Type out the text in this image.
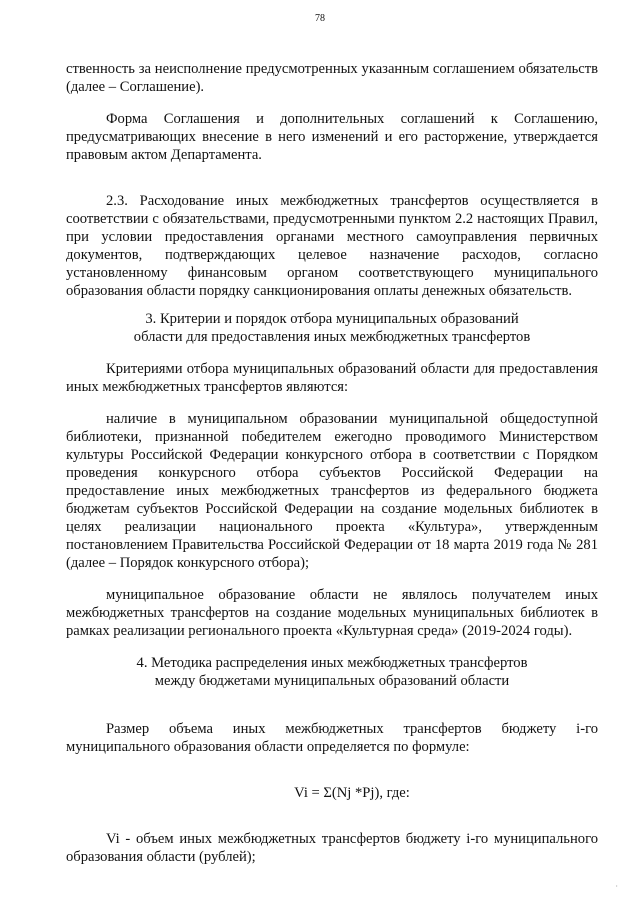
78

ственность за неисполнение предусмотренных указанным соглашением обязательств (далее – Соглашение).

Форма Соглашения и дополнительных соглашений к Соглашению, предусматривающих внесение в него изменений и его расторжение, утверждается правовым актом Департамента.

2.3. Расходование иных межбюджетных трансфертов осуществляется в соответствии с обязательствами, предусмотренными пунктом 2.2 настоящих Правил, при условии предоставления органами местного самоуправления первичных документов, подтверждающих целевое назначение расходов, согласно установленному финансовым органом соответствующего муниципального образования области порядку санкционирования оплаты денежных обязательств.

3. Критерии и порядок отбора муниципальных образований
области для предоставления иных межбюджетных трансфертов

Критериями отбора муниципальных образований области для предоставления иных межбюджетных трансфертов являются:

наличие в муниципальном образовании муниципальной общедоступной библиотеки, признанной победителем ежегодно проводимого Министерством культуры Российской Федерации конкурсного отбора в соответствии с Порядком проведения конкурсного отбора субъектов Российской Федерации на предоставление иных межбюджетных трансфертов из федерального бюджета бюджетам субъектов Российской Федерации на создание модельных библиотек в целях реализации национального проекта «Культура», утвержденным постановлением Правительства Российской Федерации от 18 марта 2019 года № 281 (далее – Порядок конкурсного отбора);

муниципальное образование области не являлось получателем иных межбюджетных трансфертов на создание модельных муниципальных библиотек в рамках реализации регионального проекта «Культурная среда» (2019-2024 годы).

4. Методика распределения иных межбюджетных трансфертов
между бюджетами муниципальных образований области

Размер объема иных межбюджетных трансфертов бюджету i-го муниципального образования области определяется по формуле:

Vi = Σ(Nj *Pj), где:

Vi - объем иных межбюджетных трансфертов бюджету i-го муниципального образования области (рублей);

·
